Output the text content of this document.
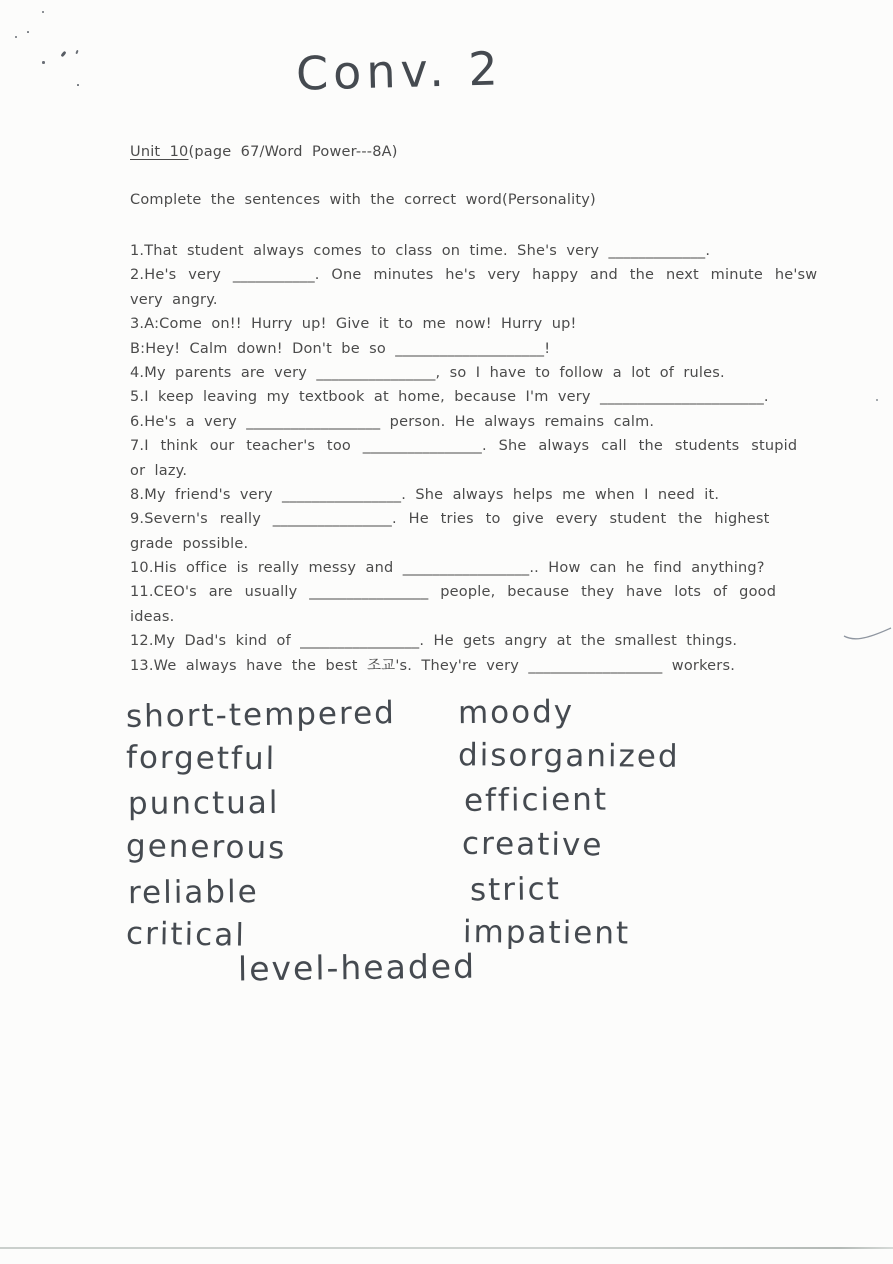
Conv. 2
Unit 10(page 67/Word Power---8A)
Complete the sentences with the correct word(Personality)
1.That student always comes to class on time. She's very _____________.
2.He's very ___________. One minutes he's very happy and the next minute he'sw
very angry.
3.A:Come on!! Hurry up! Give it to me now! Hurry up!
B:Hey! Calm down! Don't be so ____________________!
4.My parents are very ________________, so I have to follow a lot of rules.
5.I keep leaving my textbook at home, because I'm very ______________________.
6.He's a very __________________ person. He always remains calm.
7.I think our teacher's too ________________. She always call the students stupid
or lazy.
8.My friend's very ________________. She always helps me when I need it.
9.Severn's really ________________. He tries to give every student the highest
grade possible.
10.His office is really messy and _________________.. How can he find anything?
11.CEO's are usually ________________ people, because they have lots of good
ideas.
12.My Dad's kind of ________________. He gets angry at the smallest things.
13.We always have the best 조교's. They're very __________________ workers.
short-tempered
forgetful
punctual
generous
reliable
critical
moody
disorganized
efficient
creative
strict
impatient
level-headed
